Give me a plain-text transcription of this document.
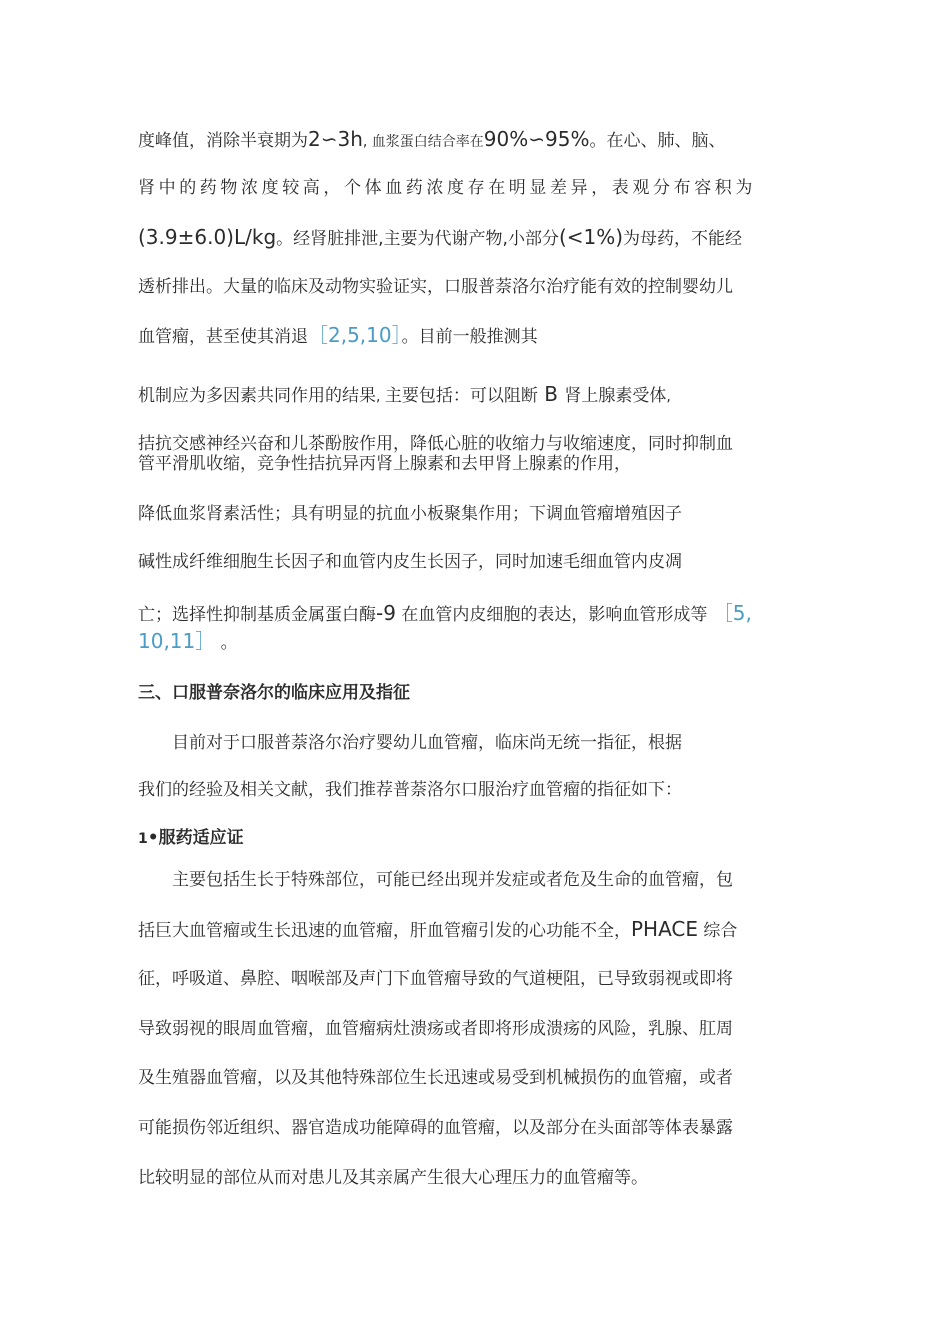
度峰值，消除半衰期为2∽3h, 血浆蛋白结合率在90%∽95%。在心、肺、脑、
肾中的药物浓度较高，个体血药浓度存在明显差异，表观分布容积为
(3.9±6.0)L/kg。经肾脏排泄,主要为代谢产物,小部分(<1%)为母药，不能经
透析排出。大量的临床及动物实验证实，口服普萘洛尔治疗能有效的控制婴幼儿
血管瘤，甚至使其消退［2,5,10］。目前一般推测其
机制应为多因素共同作用的结果, 主要包括：可以阻断 B 肾上腺素受体,
拮抗交感神经兴奋和儿茶酚胺作用，降低心脏的收缩力与收缩速度，同时抑制血
管平滑肌收缩，竞争性拮抗异丙肾上腺素和去甲肾上腺素的作用，
降低血浆肾素活性；具有明显的抗血小板聚集作用；下调血管瘤增殖因子
碱性成纤维细胞生长因子和血管内皮生长因子，同时加速毛细血管内皮凋
亡；选择性抑制基质金属蛋白酶-9 在血管内皮细胞的表达，影响血管形成等 ［5,
10,11］ 。
三、口服普奈洛尔的临床应用及指征
目前对于口服普萘洛尔治疗婴幼儿血管瘤，临床尚无统一指征，根据
我们的经验及相关文献，我们推荐普萘洛尔口服治疗血管瘤的指征如下：
1•服药适应证
主要包括生长于特殊部位，可能已经出现并发症或者危及生命的血管瘤，包
括巨大血管瘤或生长迅速的血管瘤，肝血管瘤引发的心功能不全，PHACE 综合
征，呼吸道、鼻腔、咽喉部及声门下血管瘤导致的气道梗阻，已导致弱视或即将
导致弱视的眼周血管瘤，血管瘤病灶溃疡或者即将形成溃疡的风险，乳腺、肛周
及生殖器血管瘤，以及其他特殊部位生长迅速或易受到机械损伤的血管瘤，或者
可能损伤邻近组织、器官造成功能障碍的血管瘤，以及部分在头面部等体表暴露
比较明显的部位从而对患儿及其亲属产生很大心理压力的血管瘤等。
